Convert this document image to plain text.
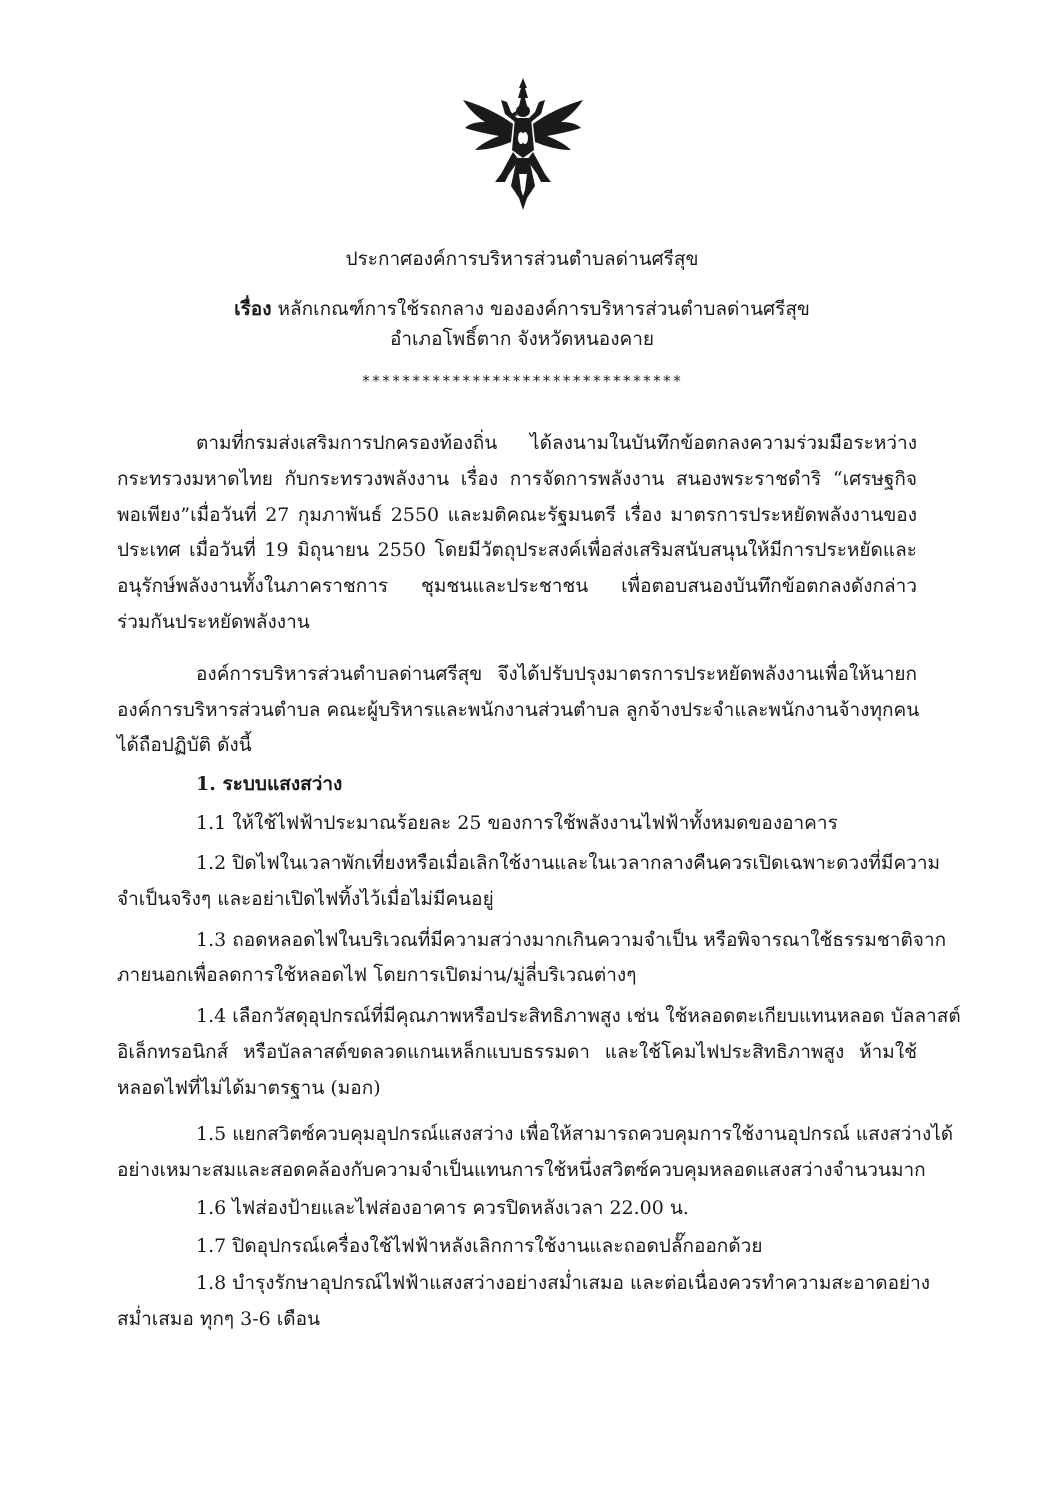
ประกาศองค์การบริหารส่วนตำบลด่านศรีสุข
เรื่อง หลักเกณฑ์การใช้รถกลาง ขององค์การบริหารส่วนตำบลด่านศรีสุข
อำเภอโพธิ์ตาก จังหวัดหนองคาย
********************************
ตามที่กรมส่งเสริมการปกครองท้องถิ่น ได้ลงนามในบันทึกข้อตกลงความร่วมมือระหว่าง
กระทรวงมหาดไทย กับกระทรวงพลังงาน เรื่อง การจัดการพลังงาน สนองพระราชดำริ “เศรษฐกิจ
พอเพียง”เมื่อวันที่ 27 กุมภาพันธ์ 2550 และมติคณะรัฐมนตรี เรื่อง มาตรการประหยัดพลังงานของ
ประเทศ เมื่อวันที่ 19 มิถุนายน 2550 โดยมีวัตถุประสงค์เพื่อส่งเสริมสนับสนุนให้มีการประหยัดและ
อนุรักษ์พลังงานทั้งในภาคราชการ ชุมชนและประชาชน เพื่อตอบสนองบันทึกข้อตกลงดังกล่าว
ร่วมกันประหยัดพลังงาน
องค์การบริหารส่วนตำบลด่านศรีสุข จึงได้ปรับปรุงมาตรการประหยัดพลังงานเพื่อให้นายก
องค์การบริหารส่วนตำบล คณะผู้บริหารและพนักงานส่วนตำบล ลูกจ้างประจำและพนักงานจ้างทุกคน
ได้ถือปฏิบัติ ดังนี้
1. ระบบแสงสว่าง
1.1 ให้ใช้ไฟฟ้าประมาณร้อยละ 25 ของการใช้พลังงานไฟฟ้าทั้งหมดของอาคาร
1.2 ปิดไฟในเวลาพักเที่ยงหรือเมื่อเลิกใช้งานและในเวลากลางคืนควรเปิดเฉพาะดวงที่มีความ
จำเป็นจริงๆ และอย่าเปิดไฟทิ้งไว้เมื่อไม่มีคนอยู่
1.3 ถอดหลอดไฟในบริเวณที่มีความสว่างมากเกินความจำเป็น หรือพิจารณาใช้ธรรมชาติจาก
ภายนอกเพื่อลดการใช้หลอดไฟ โดยการเปิดม่าน/มู่ลี่บริเวณต่างๆ
1.4 เลือกวัสดุอุปกรณ์ที่มีคุณภาพหรือประสิทธิภาพสูง เช่น ใช้หลอดตะเกียบแทนหลอด บัลลาสต์
อิเล็กทรอนิกส์ หรือบัลลาสต์ขดลวดแกนเหล็กแบบธรรมดา และใช้โคมไฟประสิทธิภาพสูง ห้ามใช้
หลอดไฟที่ไม่ได้มาตรฐาน (มอก)
1.5 แยกสวิตซ์ควบคุมอุปกรณ์แสงสว่าง เพื่อให้สามารถควบคุมการใช้งานอุปกรณ์ แสงสว่างได้
อย่างเหมาะสมและสอดคล้องกับความจำเป็นแทนการใช้หนึ่งสวิตซ์ควบคุมหลอดแสงสว่างจำนวนมาก
1.6 ไฟส่องป้ายและไฟส่องอาคาร ควรปิดหลังเวลา 22.00 น.
1.7 ปิดอุปกรณ์เครื่องใช้ไฟฟ้าหลังเลิกการใช้งานและถอดปลั๊กออกด้วย
1.8 บำรุงรักษาอุปกรณ์ไฟฟ้าแสงสว่างอย่างสม่ำเสมอ และต่อเนื่องควรทำความสะอาดอย่าง
สม่ำเสมอ ทุกๆ 3-6 เดือน
